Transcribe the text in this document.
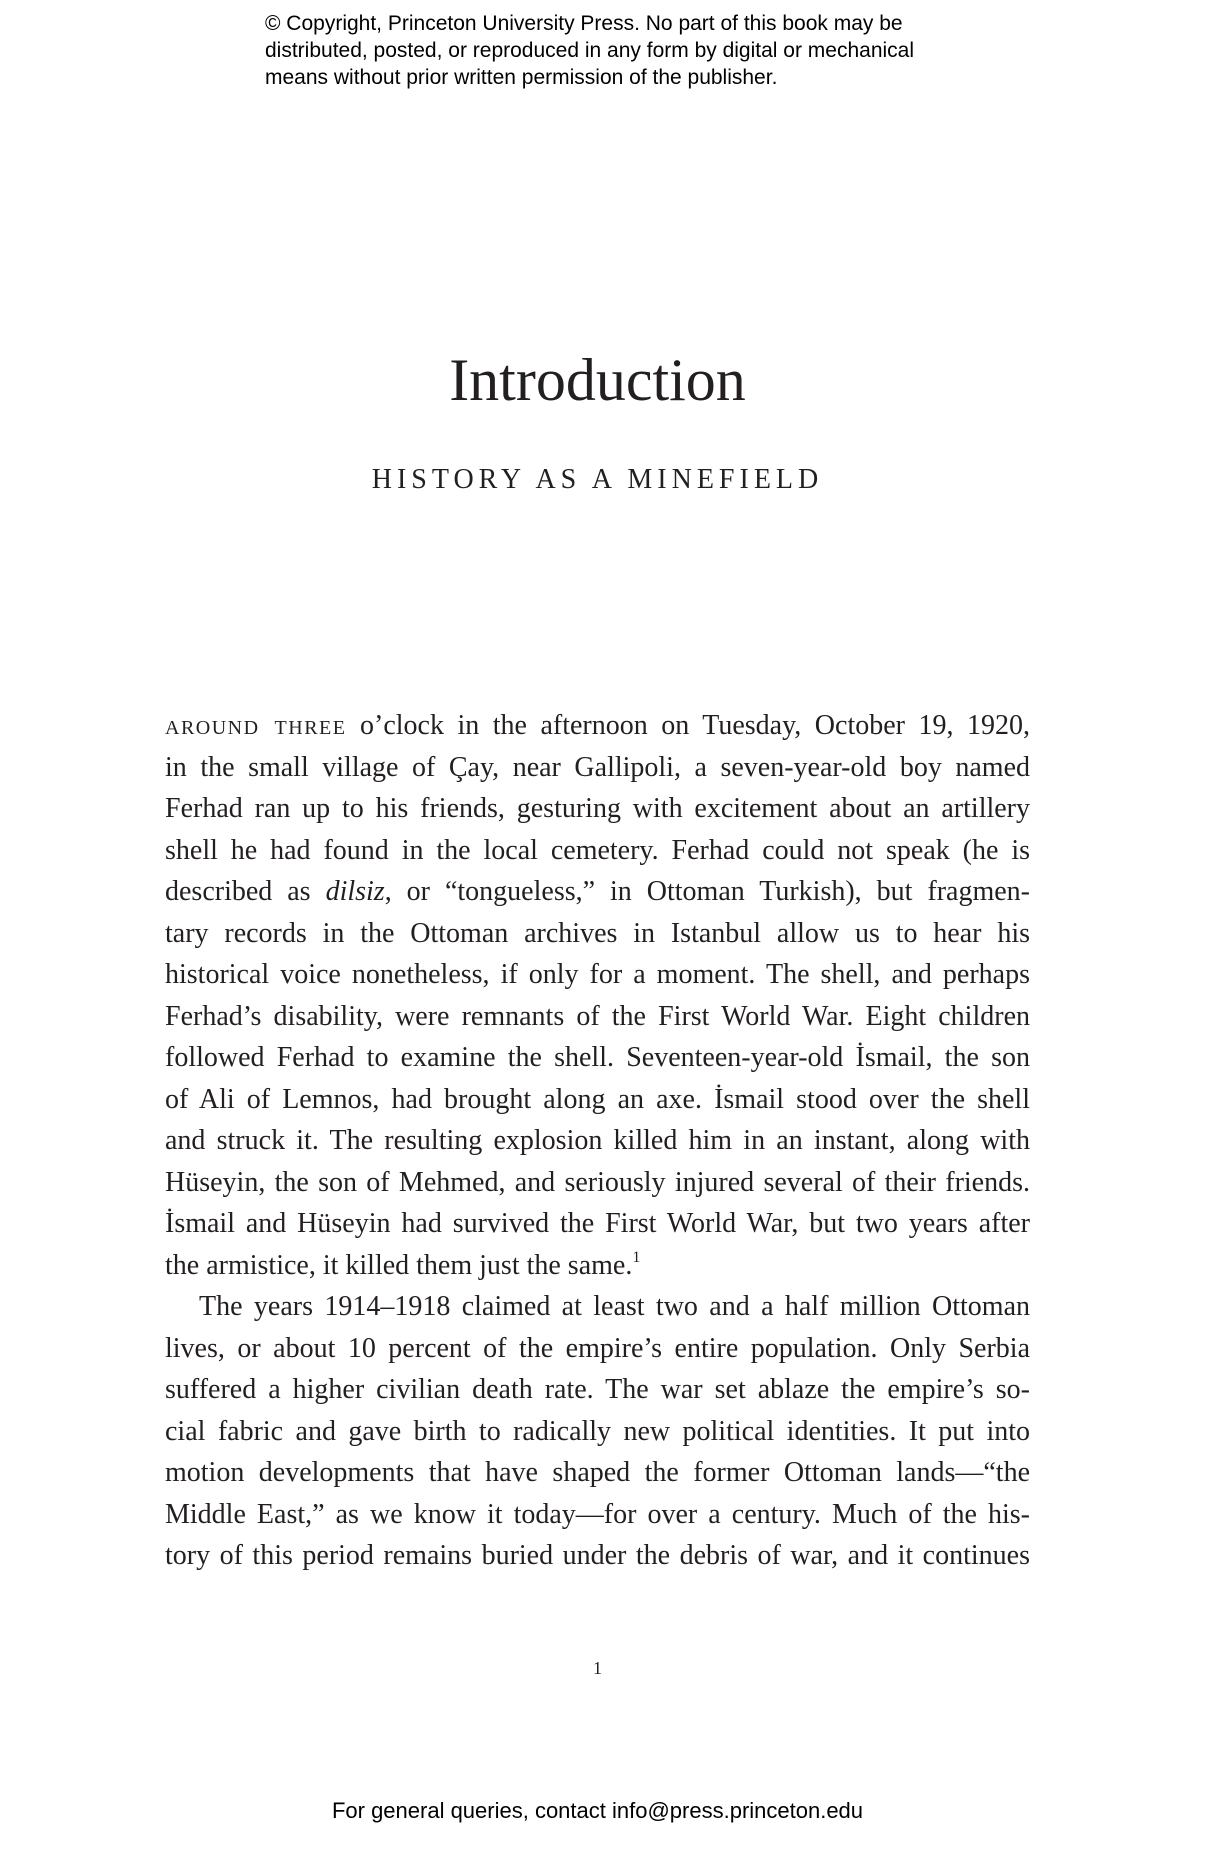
© Copyright, Princeton University Press. No part of this book may be
distributed, posted, or reproduced in any form by digital or mechanical
means without prior written permission of the publisher.
Introduction
HISTORY AS A MINEFIELD
around three o’clock in the afternoon on Tuesday, October 19, 1920,
in the small village of Çay, near Gallipoli, a seven-year-old boy named
Ferhad ran up to his friends, gesturing with excitement about an artillery
shell he had found in the local cemetery. Ferhad could not speak (he is
described as dilsiz, or “tongueless,” in Ottoman Turkish), but fragmen-
tary records in the Ottoman archives in Istanbul allow us to hear his
historical voice nonetheless, if only for a moment. The shell, and perhaps
Ferhad’s disability, were remnants of the First World War. Eight children
followed Ferhad to examine the shell. Seventeen-year-old İsmail, the son
of Ali of Lemnos, had brought along an axe. İsmail stood over the shell
and struck it. The resulting explosion killed him in an instant, along with
Hüseyin, the son of Mehmed, and seriously injured several of their friends.
İsmail and Hüseyin had survived the First World War, but two years after
the armistice, it killed them just the same.$^1$
The years 1914–1918 claimed at least two and a half million Ottoman
lives, or about 10 percent of the empire’s entire population. Only Serbia
suffered a higher civilian death rate. The war set ablaze the empire’s so-
cial fabric and gave birth to radically new political identities. It put into
motion developments that have shaped the former Ottoman lands—“the
Middle East,” as we know it today—for over a century. Much of the his-
tory of this period remains buried under the debris of war, and it continues
1
For general queries, contact info@press.princeton.edu
